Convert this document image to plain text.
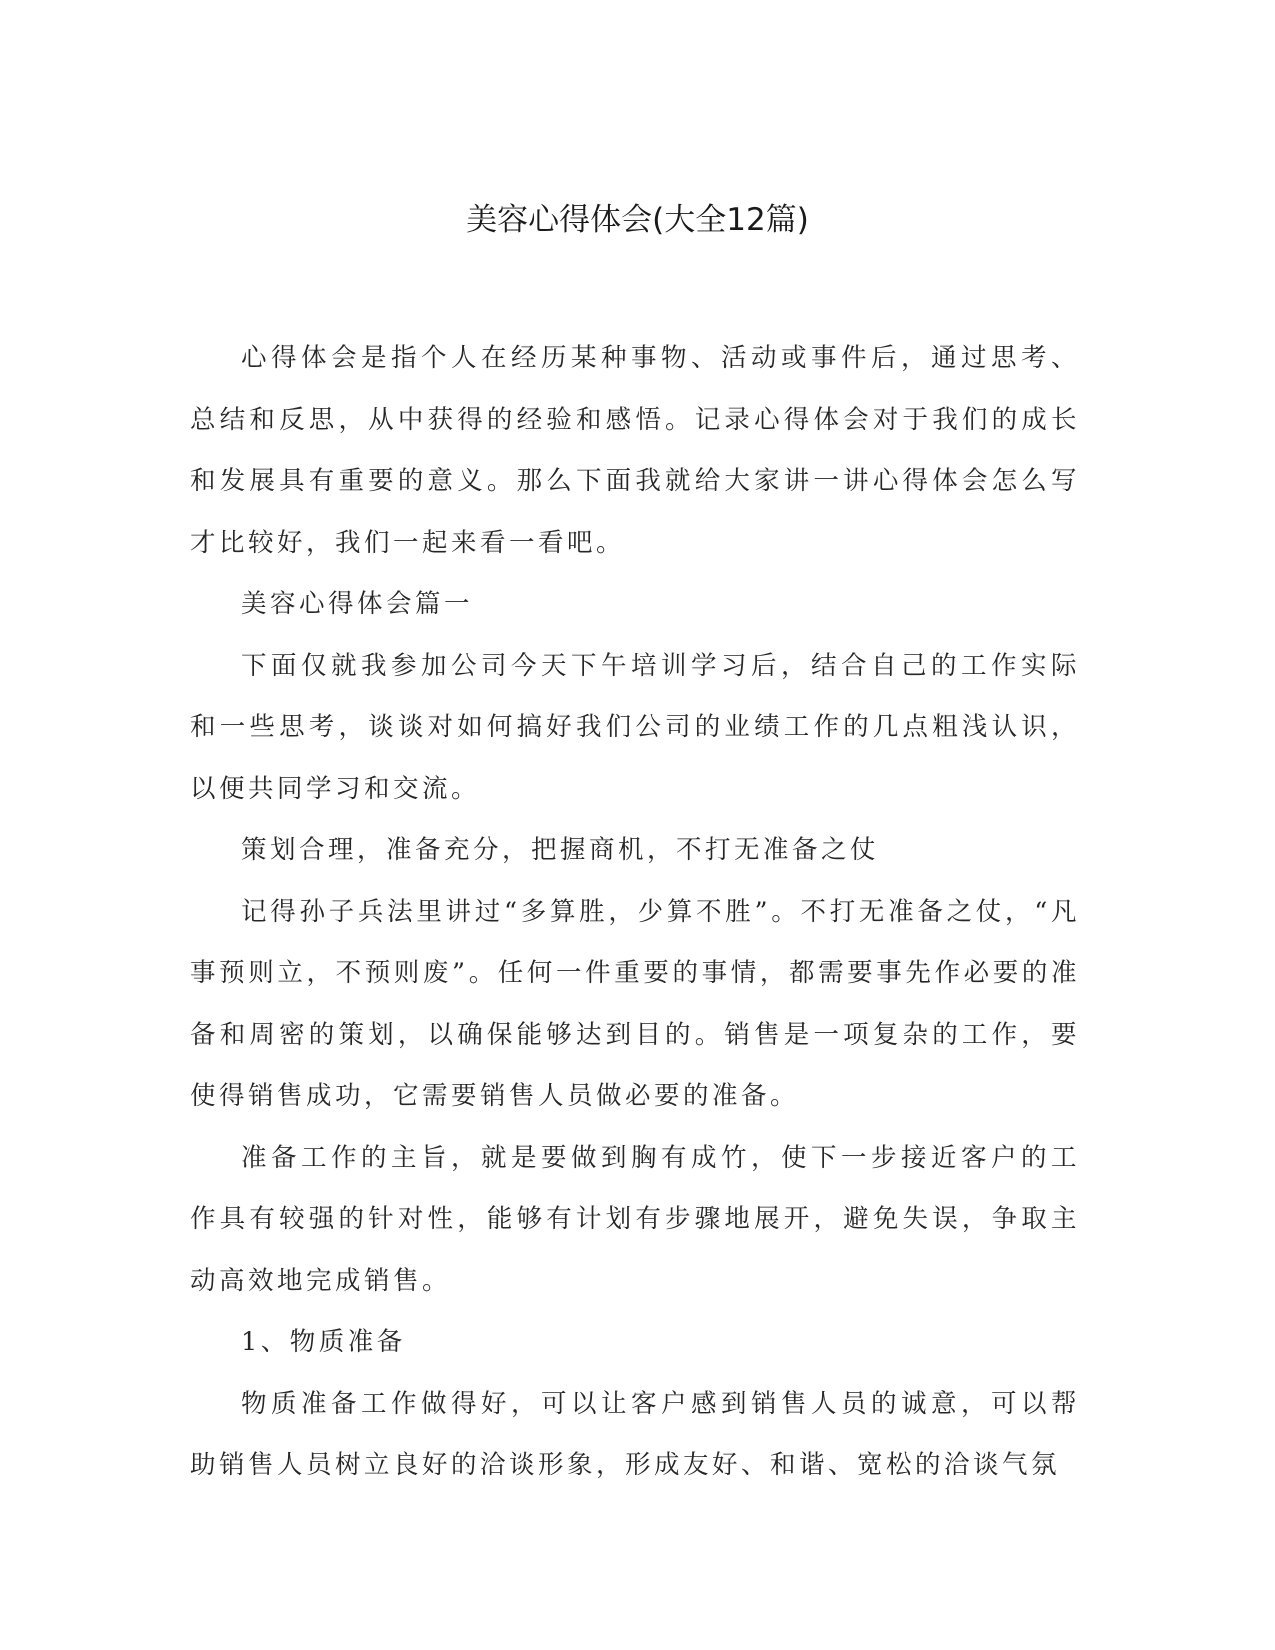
美容心得体会(大全12篇)

心得体会是指个人在经历某种事物、活动或事件后，通过思考、总结和反思，从中获得的经验和感悟。记录心得体会对于我们的成长和发展具有重要的意义。那么下面我就给大家讲一讲心得体会怎么写才比较好，我们一起来看一看吧。

美容心得体会篇一

下面仅就我参加公司今天下午培训学习后，结合自己的工作实际和一些思考，谈谈对如何搞好我们公司的业绩工作的几点粗浅认识，以便共同学习和交流。

策划合理，准备充分，把握商机，不打无准备之仗

记得孙子兵法里讲过“多算胜，少算不胜”。不打无准备之仗，“凡事预则立，不预则废”。任何一件重要的事情，都需要事先作必要的准备和周密的策划，以确保能够达到目的。销售是一项复杂的工作，要使得销售成功，它需要销售人员做必要的准备。

准备工作的主旨，就是要做到胸有成竹，使下一步接近客户的工作具有较强的针对性，能够有计划有步骤地展开，避免失误，争取主动高效地完成销售。

1、物质准备

物质准备工作做得好，可以让客户感到销售人员的诚意，可以帮助销售人员树立良好的洽谈形象，形成友好、和谐、宽松的洽谈气氛
